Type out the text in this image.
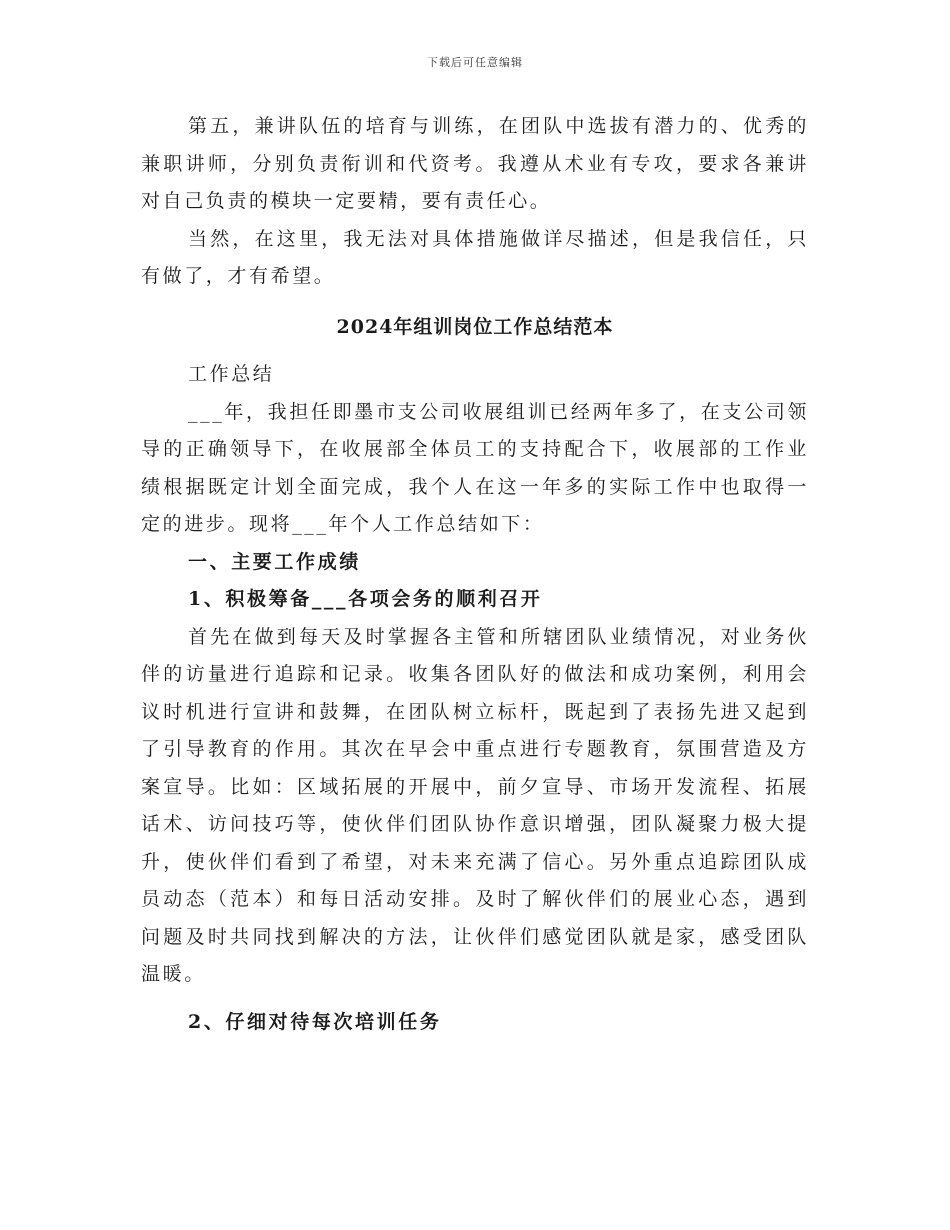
下载后可任意编辑

第五，兼讲队伍的培育与训练，在团队中选拔有潜力的、优秀的兼职讲师，分别负责衔训和代资考。我遵从术业有专攻，要求各兼讲对自己负责的模块一定要精，要有责任心。

当然，在这里，我无法对具体措施做详尽描述，但是我信任，只有做了，才有希望。

2024年组训岗位工作总结范本

工作总结

___年，我担任即墨市支公司收展组训已经两年多了，在支公司领导的正确领导下，在收展部全体员工的支持配合下，收展部的工作业绩根据既定计划全面完成，我个人在这一年多的实际工作中也取得一定的进步。现将___年个人工作总结如下：

一、主要工作成绩

1、积极筹备___各项会务的顺利召开

首先在做到每天及时掌握各主管和所辖团队业绩情况，对业务伙伴的访量进行追踪和记录。收集各团队好的做法和成功案例，利用会议时机进行宣讲和鼓舞，在团队树立标杆，既起到了表扬先进又起到了引导教育的作用。其次在早会中重点进行专题教育，氛围营造及方案宣导。比如：区域拓展的开展中，前夕宣导、市场开发流程、拓展话术、访问技巧等，使伙伴们团队协作意识增强，团队凝聚力极大提升，使伙伴们看到了希望，对未来充满了信心。另外重点追踪团队成员动态（范本）和每日活动安排。及时了解伙伴们的展业心态，遇到问题及时共同找到解决的方法，让伙伴们感觉团队就是家，感受团队温暖。

2、仔细对待每次培训任务
